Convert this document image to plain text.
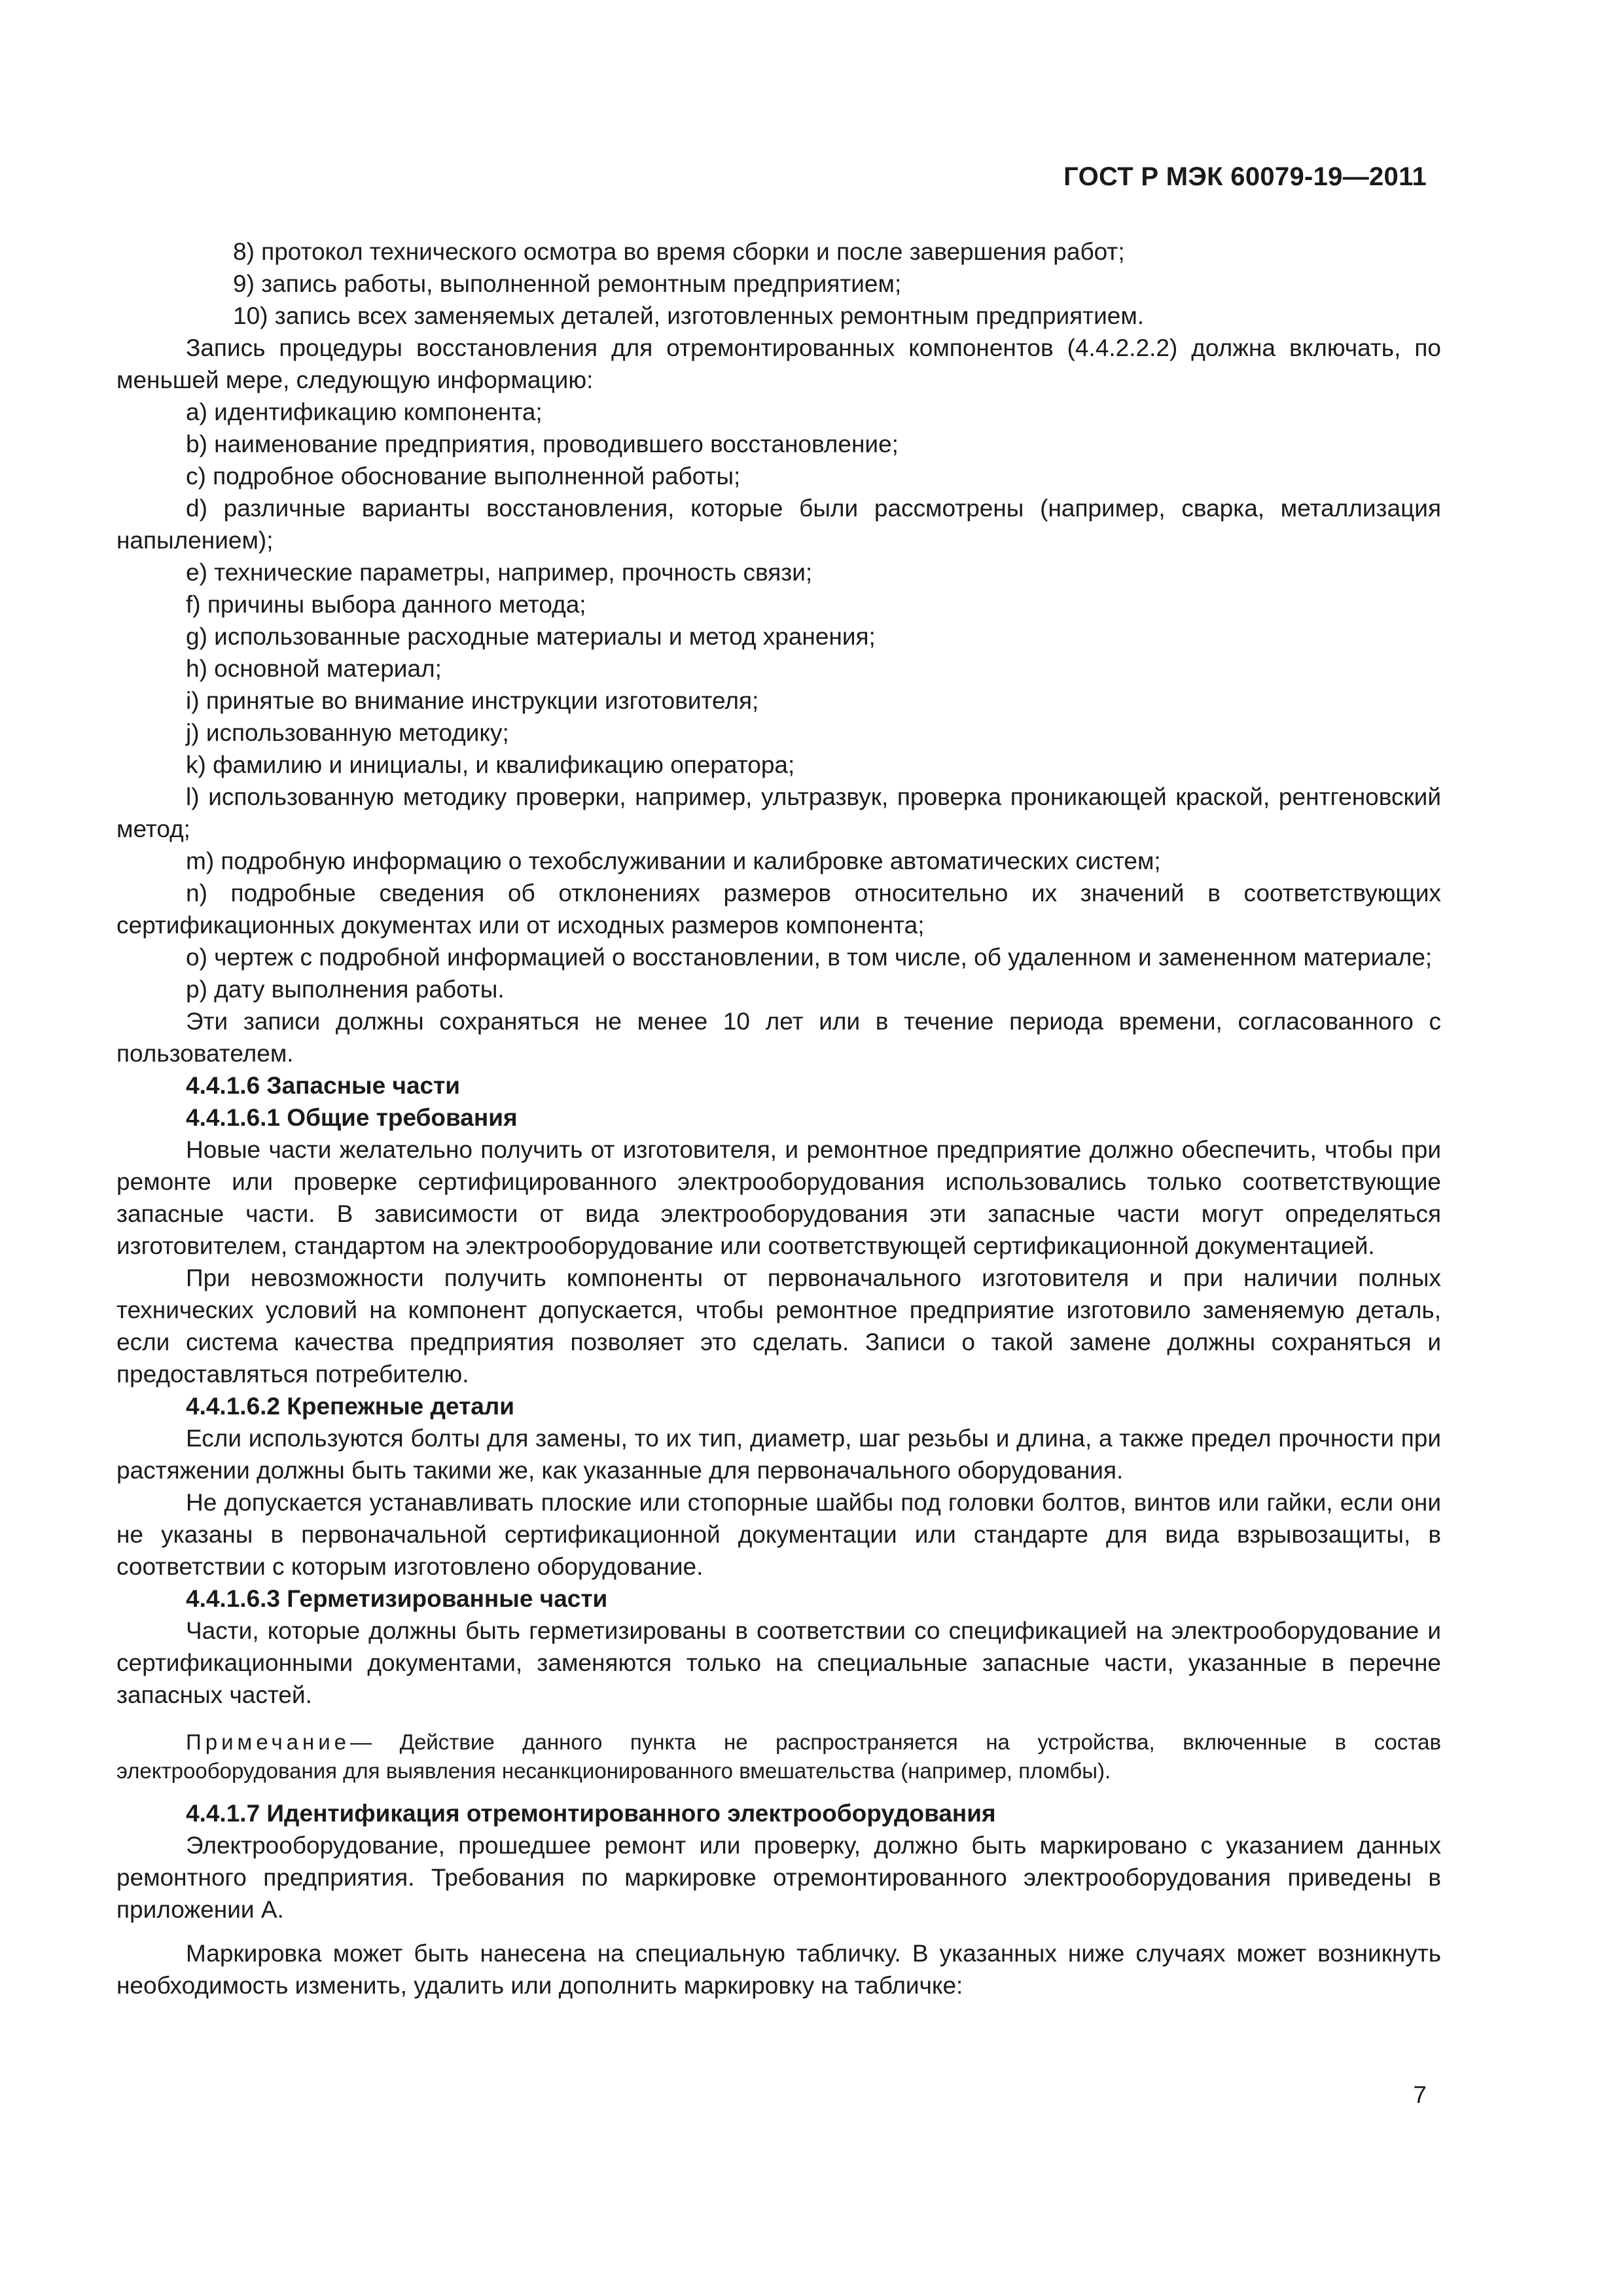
ГОСТ Р МЭК 60079-19—2011

8) протокол технического осмотра во время сборки и после завершения работ;

9) запись работы, выполненной ремонтным предприятием;

10) запись всех заменяемых деталей, изготовленных ремонтным предприятием.

Запись процедуры восстановления для отремонтированных компонентов (4.4.2.2.2) должна включать, по меньшей мере, следующую информацию:

а) идентификацию компонента;

b) наименование предприятия, проводившего восстановление;

c) подробное обоснование выполненной работы;

d) различные варианты восстановления, которые были рассмотрены (например, сварка, металлизация напылением);

e) технические параметры, например, прочность связи;

f) причины выбора данного метода;

g) использованные расходные материалы и метод хранения;

h) основной материал;

i) принятые во внимание инструкции изготовителя;

j) использованную методику;

k) фамилию и инициалы, и квалификацию оператора;

l) использованную методику проверки, например, ультразвук, проверка проникающей краской, рентгеновский метод;

m) подробную информацию о техобслуживании и калибровке автоматических систем;

n) подробные сведения об отклонениях размеров относительно их значений в соответствующих сертификационных документах или от исходных размеров компонента;

o) чертеж с подробной информацией о восстановлении, в том числе, об удаленном и замененном материале;

p) дату выполнения работы.

Эти записи должны сохраняться не менее 10 лет или в течение периода времени, согласованного с пользователем.

4.4.1.6 Запасные части

4.4.1.6.1 Общие требования

Новые части желательно получить от изготовителя, и ремонтное предприятие должно обеспечить, чтобы при ремонте или проверке сертифицированного электрооборудования использовались только соответствующие запасные части. В зависимости от вида электрооборудования эти запасные части могут определяться изготовителем, стандартом на электрооборудование или соответствующей сертификационной документацией.

При невозможности получить компоненты от первоначального изготовителя и при наличии полных технических условий на компонент допускается, чтобы ремонтное предприятие изготовило заменяемую деталь, если система качества предприятия позволяет это сделать. Записи о такой замене должны сохраняться и предоставляться потребителю.

4.4.1.6.2 Крепежные детали

Если используются болты для замены, то их тип, диаметр, шаг резьбы и длина, а также предел прочности при растяжении должны быть такими же, как указанные для первоначального оборудования.

Не допускается устанавливать плоские или стопорные шайбы под головки болтов, винтов или гайки, если они не указаны в первоначальной сертификационной документации или стандарте для вида взрывозащиты, в соответствии с которым изготовлено оборудование.

4.4.1.6.3 Герметизированные части

Части, которые должны быть герметизированы в соответствии со спецификацией на электрооборудование и сертификационными документами, заменяются только на специальные запасные части, указанные в перечне запасных частей.

Примечание— Действие данного пункта не распространяется на устройства, включенные в состав электрооборудования для выявления несанкционированного вмешательства (например, пломбы).

4.4.1.7 Идентификация отремонтированного электрооборудования

Электрооборудование, прошедшее ремонт или проверку, должно быть маркировано с указанием данных ремонтного предприятия. Требования по маркировке отремонтированного электрооборудования приведены в приложении А.

Маркировка может быть нанесена на специальную табличку. В указанных ниже случаях может возникнуть необходимость изменить, удалить или дополнить маркировку на табличке:

7
